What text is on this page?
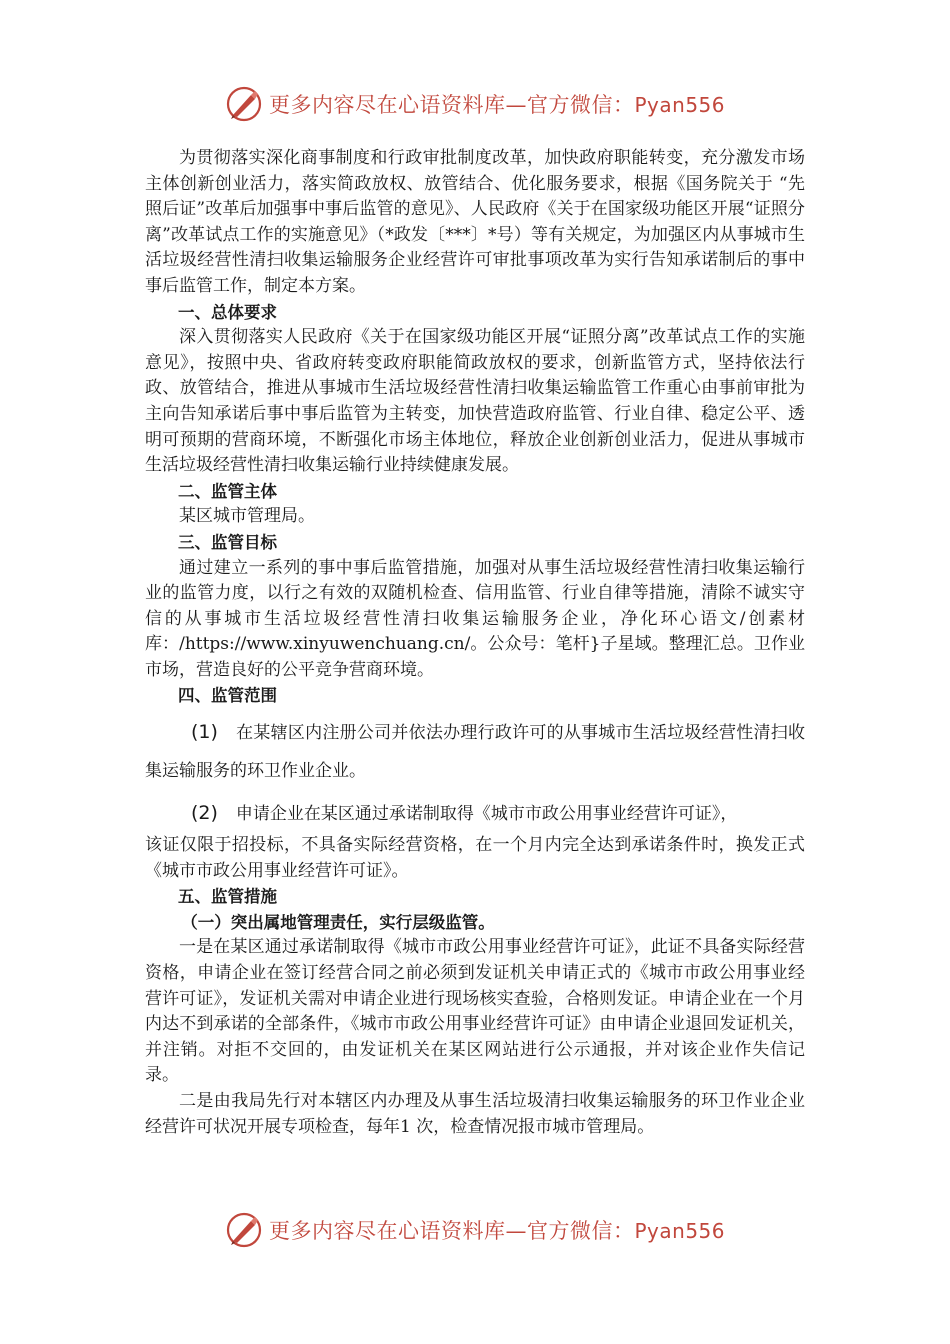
更多内容尽在心语资料库—官方微信：Pyan556

为贯彻落实深化商事制度和行政审批制度改革，加快政府职能转变，充分激发市场主体创新创业活力，落实简政放权、放管结合、优化服务要求，根据《国务院关于 “先照后证”改革后加强事中事后监管的意见》、人民政府《关于在国家级功能区开展“证照分离”改革试点工作的实施意见》（*政发〔***〕*号）等有关规定，为加强区内从事城市生活垃圾经营性清扫收集运输服务企业经营许可审批事项改革为实行告知承诺制后的事中事后监管工作，制定本方案。

一、总体要求

深入贯彻落实人民政府《关于在国家级功能区开展“证照分离”改革试点工作的实施意见》，按照中央、省政府转变政府职能简政放权的要求，创新监管方式，坚持依法行政、放管结合，推进从事城市生活垃圾经营性清扫收集运输监管工作重心由事前审批为主向告知承诺后事中事后监管为主转变，加快营造政府监管、行业自律、稳定公平、透明可预期的营商环境，不断强化市场主体地位，释放企业创新创业活力，促进从事城市生活垃圾经营性清扫收集运输行业持续健康发展。

二、监管主体

某区城市管理局。

三、监管目标

通过建立一系列的事中事后监管措施，加强对从事生活垃圾经营性清扫收集运输行业的监管力度，以行之有效的双随机检查、信用监管、行业自律等措施，清除不诚实守信的从事城市生活垃圾经营性清扫收集运输服务企业，净化环心语文/创素材库：/https://www.xinyuwenchuang.cn/。公众号：笔杆}子星域。整理汇总。卫作业市场，营造良好的公平竞争营商环境。

四、监管范围

(1) 在某辖区内注册公司并依法办理行政许可的从事城市生活垃圾经营性清扫收集运输服务的环卫作业企业。

(2) 申请企业在某区通过承诺制取得《城市市政公用事业经营许可证》，

该证仅限于招投标，不具备实际经营资格，在一个月内完全达到承诺条件时，换发正式《城市市政公用事业经营许可证》。

五、监管措施

（一）突出属地管理责任，实行层级监管。

一是在某区通过承诺制取得《城市市政公用事业经营许可证》，此证不具备实际经营资格，申请企业在签订经营合同之前必须到发证机关申请正式的《城市市政公用事业经营许可证》，发证机关需对申请企业进行现场核实查验，合格则发证。申请企业在一个月内达不到承诺的全部条件，《城市市政公用事业经营许可证》由申请企业退回发证机关，并注销。对拒不交回的，由发证机关在某区网站进行公示通报，并对该企业作失信记录。

二是由我局先行对本辖区内办理及从事生活垃圾清扫收集运输服务的环卫作业企业经营许可状况开展专项检查，每年1 次，检查情况报市城市管理局。

更多内容尽在心语资料库—官方微信：Pyan556
